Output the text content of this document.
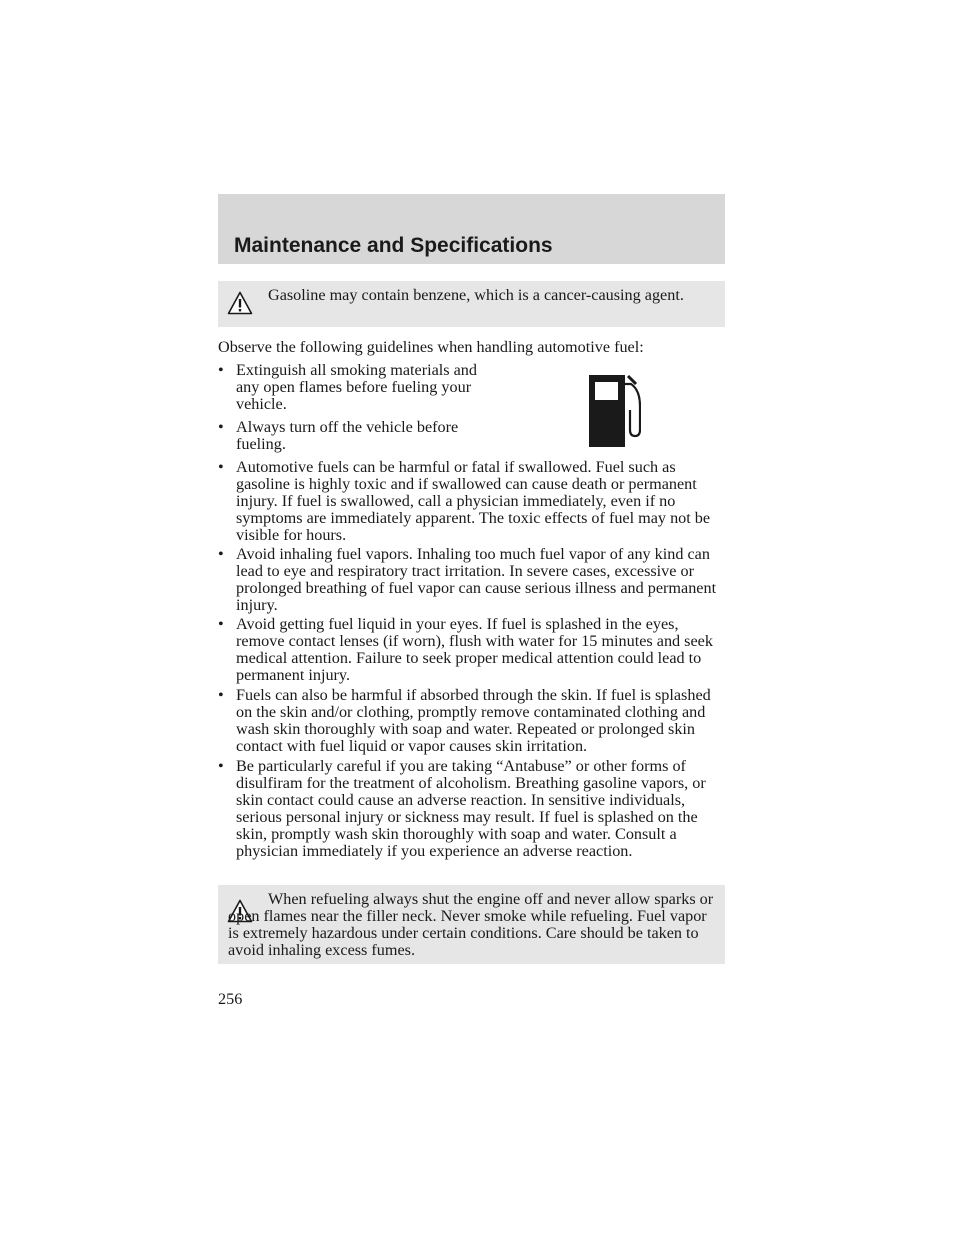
Maintenance and Specifications
Gasoline may contain benzene, which is a cancer-causing agent.
Observe the following guidelines when handling automotive fuel:
• Extinguish all smoking materials and any open flames before fueling your vehicle.
• Always turn off the vehicle before fueling.
• Automotive fuels can be harmful or fatal if swallowed. Fuel such as gasoline is highly toxic and if swallowed can cause death or permanent injury. If fuel is swallowed, call a physician immediately, even if no symptoms are immediately apparent. The toxic effects of fuel may not be visible for hours.
• Avoid inhaling fuel vapors. Inhaling too much fuel vapor of any kind can lead to eye and respiratory tract irritation. In severe cases, excessive or prolonged breathing of fuel vapor can cause serious illness and permanent injury.
• Avoid getting fuel liquid in your eyes. If fuel is splashed in the eyes, remove contact lenses (if worn), flush with water for 15 minutes and seek medical attention. Failure to seek proper medical attention could lead to permanent injury.
• Fuels can also be harmful if absorbed through the skin. If fuel is splashed on the skin and/or clothing, promptly remove contaminated clothing and wash skin thoroughly with soap and water. Repeated or prolonged skin contact with fuel liquid or vapor causes skin irritation.
• Be particularly careful if you are taking “Antabuse” or other forms of disulfiram for the treatment of alcoholism. Breathing gasoline vapors, or skin contact could cause an adverse reaction. In sensitive individuals, serious personal injury or sickness may result. If fuel is splashed on the skin, promptly wash skin thoroughly with soap and water. Consult a physician immediately if you experience an adverse reaction.
When refueling always shut the engine off and never allow sparks or open flames near the filler neck. Never smoke while refueling. Fuel vapor is extremely hazardous under certain conditions. Care should be taken to avoid inhaling excess fumes.
256
